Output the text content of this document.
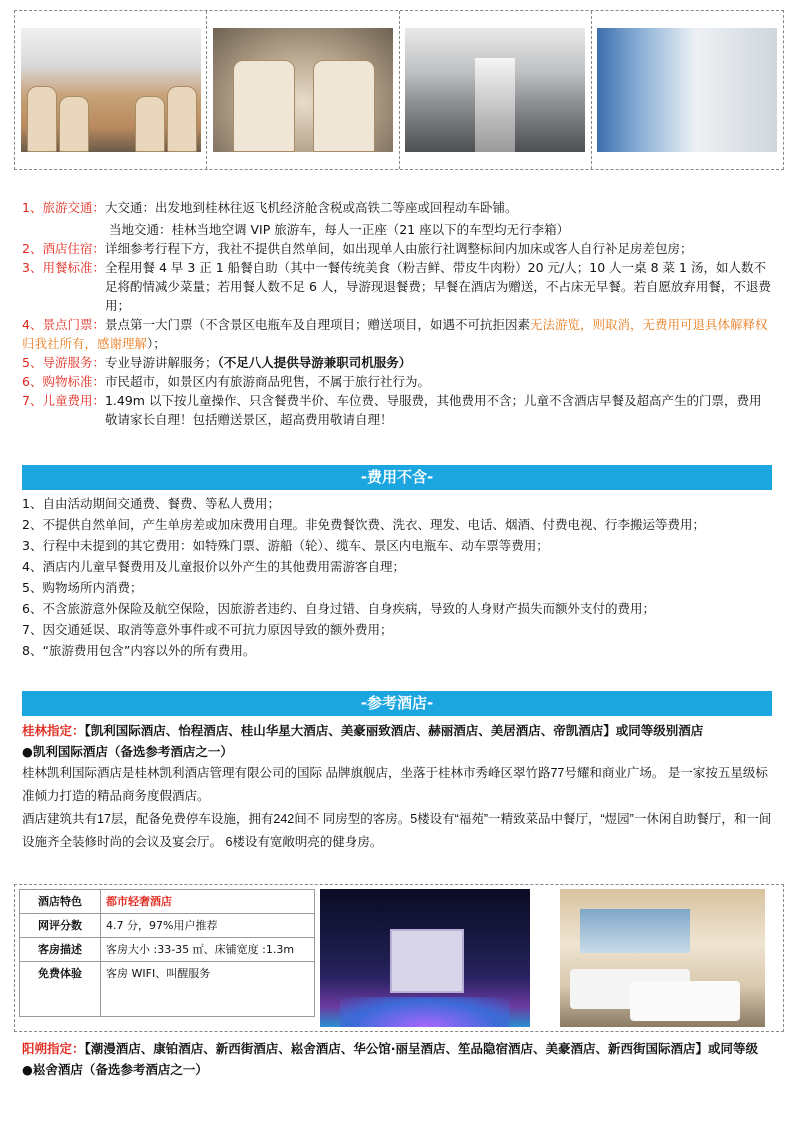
1、旅游交通： 大交通：出发地到桂林往返飞机经济舱含税或高铁二等座或回程动车卧铺。
当地交通：桂林当地空调 VIP 旅游车，每人一正座（21 座以下的车型均无行李箱）
2、酒店住宿： 详细参考行程下方，我社不提供自然单间，如出现单人由旅行社调整标间内加床或客人自行补足房差包房；
3、用餐标准： 全程用餐 4 早 3 正 1 船餐自助（其中一餐传统美食（粉吉鲜、带皮牛肉粉）20 元/人；10 人一桌 8 菜 1 汤，如人数不足将酌情减少菜量；若用餐人数不足 6 人，导游现退餐费；早餐在酒店为赠送，不占床无早餐。若自愿放弃用餐，不退费用；
4、景点门票：景点第一大门票（不含景区电瓶车及自理项目；赠送项目，如遇不可抗拒因素无法游览，则取消，无费用可退具体解释权归我社所有，感谢理解）；
5、导游服务： 专业导游讲解服务；（不足八人提供导游兼职司机服务）
6、购物标准： 市民超市，如景区内有旅游商品兜售，不属于旅行社行为。
7、儿童费用： 1.49m 以下按儿童操作、只含餐费半价、车位费、导服费，其他费用不含；儿童不含酒店早餐及超高产生的门票，费用敬请家长自理！包括赠送景区，超高费用敬请自理！
-费用不含-

1、自由活动期间交通费、餐费、等私人费用；

2、不提供自然单间，产生单房差或加床费用自理。非免费餐饮费、洗衣、理发、电话、烟酒、付费电视、行李搬运等费用；

3、行程中未提到的其它费用：如特殊门票、游船（轮）、缆车、景区内电瓶车、动车票等费用；

4、酒店内儿童早餐费用及儿童报价以外产生的其他费用需游客自理；

5、购物场所内消费；

6、不含旅游意外保险及航空保险，因旅游者违约、自身过错、自身疾病，导致的人身财产损失而额外支付的费用；

7、因交通延误、取消等意外事件或不可抗力原因导致的额外费用；

8、“旅游费用包含”内容以外的所有费用。

-参考酒店-
桂林指定：【凯利国际酒店、怡程酒店、桂山华星大酒店、美豪丽致酒店、赫丽酒店、美居酒店、帝凯酒店】或同等级别酒店
●凯利国际酒店（备选参考酒店之一）
桂林凯利国际酒店是桂林凯利酒店管理有限公司的国际 品牌旗舰店，坐落于桂林市秀峰区翠竹路77号耀和商业广场。 是一家按五星级标准倾力打造的精品商务度假酒店。
酒店建筑共有17层，配备免费停车设施，拥有242间不 同房型的客房。5楼设有“福苑”一精致菜品中餐厅，“煜园”一休闲自助餐厅，和一间设施齐全装修时尚的会议及宴会厅。 6楼设有宽敞明亮的健身房。
酒店特色	都市轻奢酒店
网评分数	4.7 分，97%用户推荐
客房描述	客房大小 :33-35 ㎡、床铺宽度 :1.3m
免费体验	客房 WIFI、叫醒服务
阳朔指定：【潮漫酒店、康铂酒店、新西街酒店、崧舍酒店、华公馆·丽呈酒店、笙品隐宿酒店、美豪酒店、新西街国际酒店】或同等级
●崧舍酒店（备选参考酒店之一）
